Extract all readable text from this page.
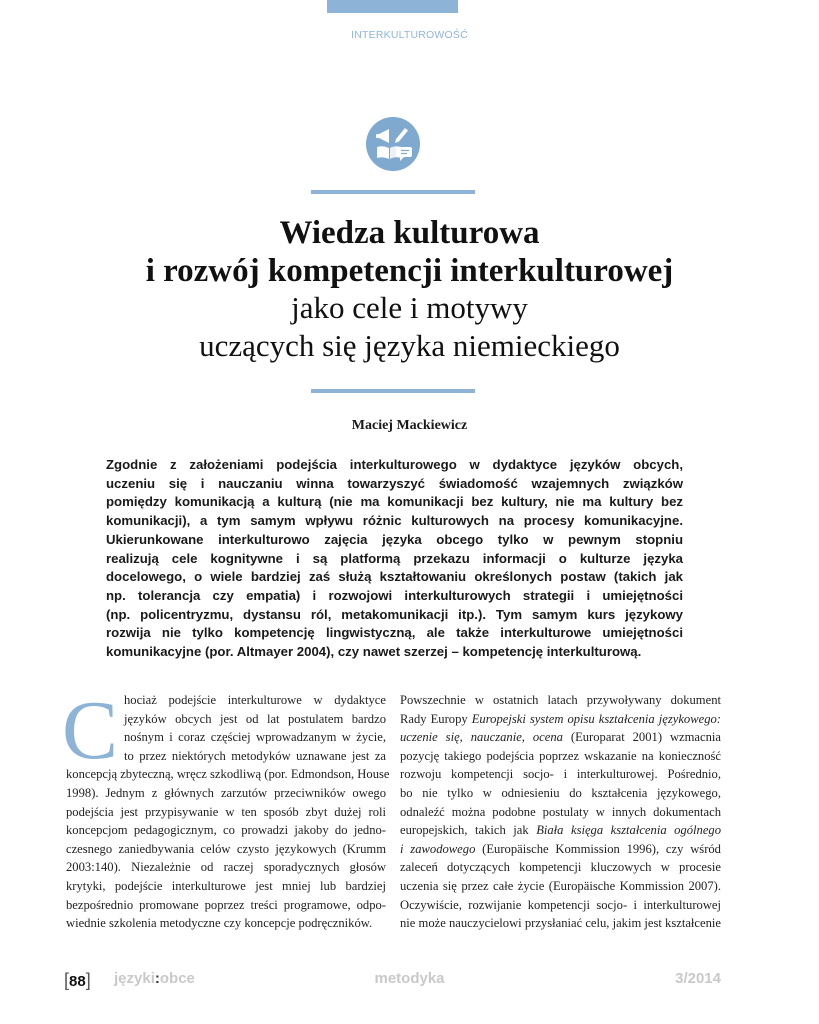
INTERKULTUROWOŚĆ
Wiedza kulturowa
i rozwój kompetencji interkulturowej
jako cele i motywy
uczących się języka niemieckiego
Maciej Mackiewicz
Zgodnie z założeniami podejścia interkulturowego w dydaktyce języków obcych,
uczeniu się i nauczaniu winna towarzyszyć świadomość wzajemnych związków
pomiędzy komunikacją a kulturą (nie ma komunikacji bez kultury, nie ma kultury bez
komunikacji), a tym samym wpływu różnic kulturowych na procesy komunikacyjne.
Ukierunkowane interkulturowo zajęcia języka obcego tylko w pewnym stopniu
realizują cele kognitywne i są platformą przekazu informacji o kulturze języka
docelowego, o wiele bardziej zaś służą kształtowaniu określonych postaw (takich jak
np. tolerancja czy empatia) i rozwojowi interkulturowych strategii i umiejętności
(np. policentryzmu, dystansu ról, metakomunikacji itp.). Tym samym kurs językowy
rozwija nie tylko kompetencję lingwistyczną, ale także interkulturowe umiejętności
komunikacyjne (por. Altmayer 2004), czy nawet szerzej – kompetencję interkulturową.
C hociaż podejście interkulturowe w dydaktyce
języków obcych jest od lat postulatem bardzo
nośnym i coraz częściej wprowadzanym w życie,
to przez niektórych metodyków uznawane jest za
koncepcją zbyteczną, wręcz szkodliwą (por. Edmondson, House
1998). Jednym z głównych zarzutów przeciwników owego
podejścia jest przypisywanie w ten sposób zbyt dużej roli
koncepcjom pedagogicznym, co prowadzi jakoby do jedno-
czesnego zaniedbywania celów czysto językowych (Krumm
2003:140). Niezależnie od raczej sporadycznych głosów
krytyki, podejście interkulturowe jest mniej lub bardziej
bezpośrednio promowane poprzez treści programowe, odpo-
wiednie szkolenia metodyczne czy koncepcje podręczników.
Powszechnie w ostatnich latach przywoływany dokument
Rady Europy Europejski system opisu kształcenia językowego:
uczenie się, nauczanie, ocena (Europarat 2001) wzmacnia
pozycję takiego podejścia poprzez wskazanie na konieczność
rozwoju kompetencji socjo- i interkulturowej. Pośrednio,
bo nie tylko w odniesieniu do kształcenia językowego,
odnaleźć można podobne postulaty w innych dokumentach
europejskich, takich jak Biała księga kształcenia ogólnego
i zawodowego (Europäische Kommission 1996), czy wśród
zaleceń dotyczących kompetencji kluczowych w procesie
uczenia się przez całe życie (Europäische Kommission 2007).
Oczywiście, rozwijanie kompetencji socjo- i interkulturowej
nie może nauczycielowi przysłaniać celu, jakim jest kształcenie
[88] języki:obce	metodyka	3/2014
